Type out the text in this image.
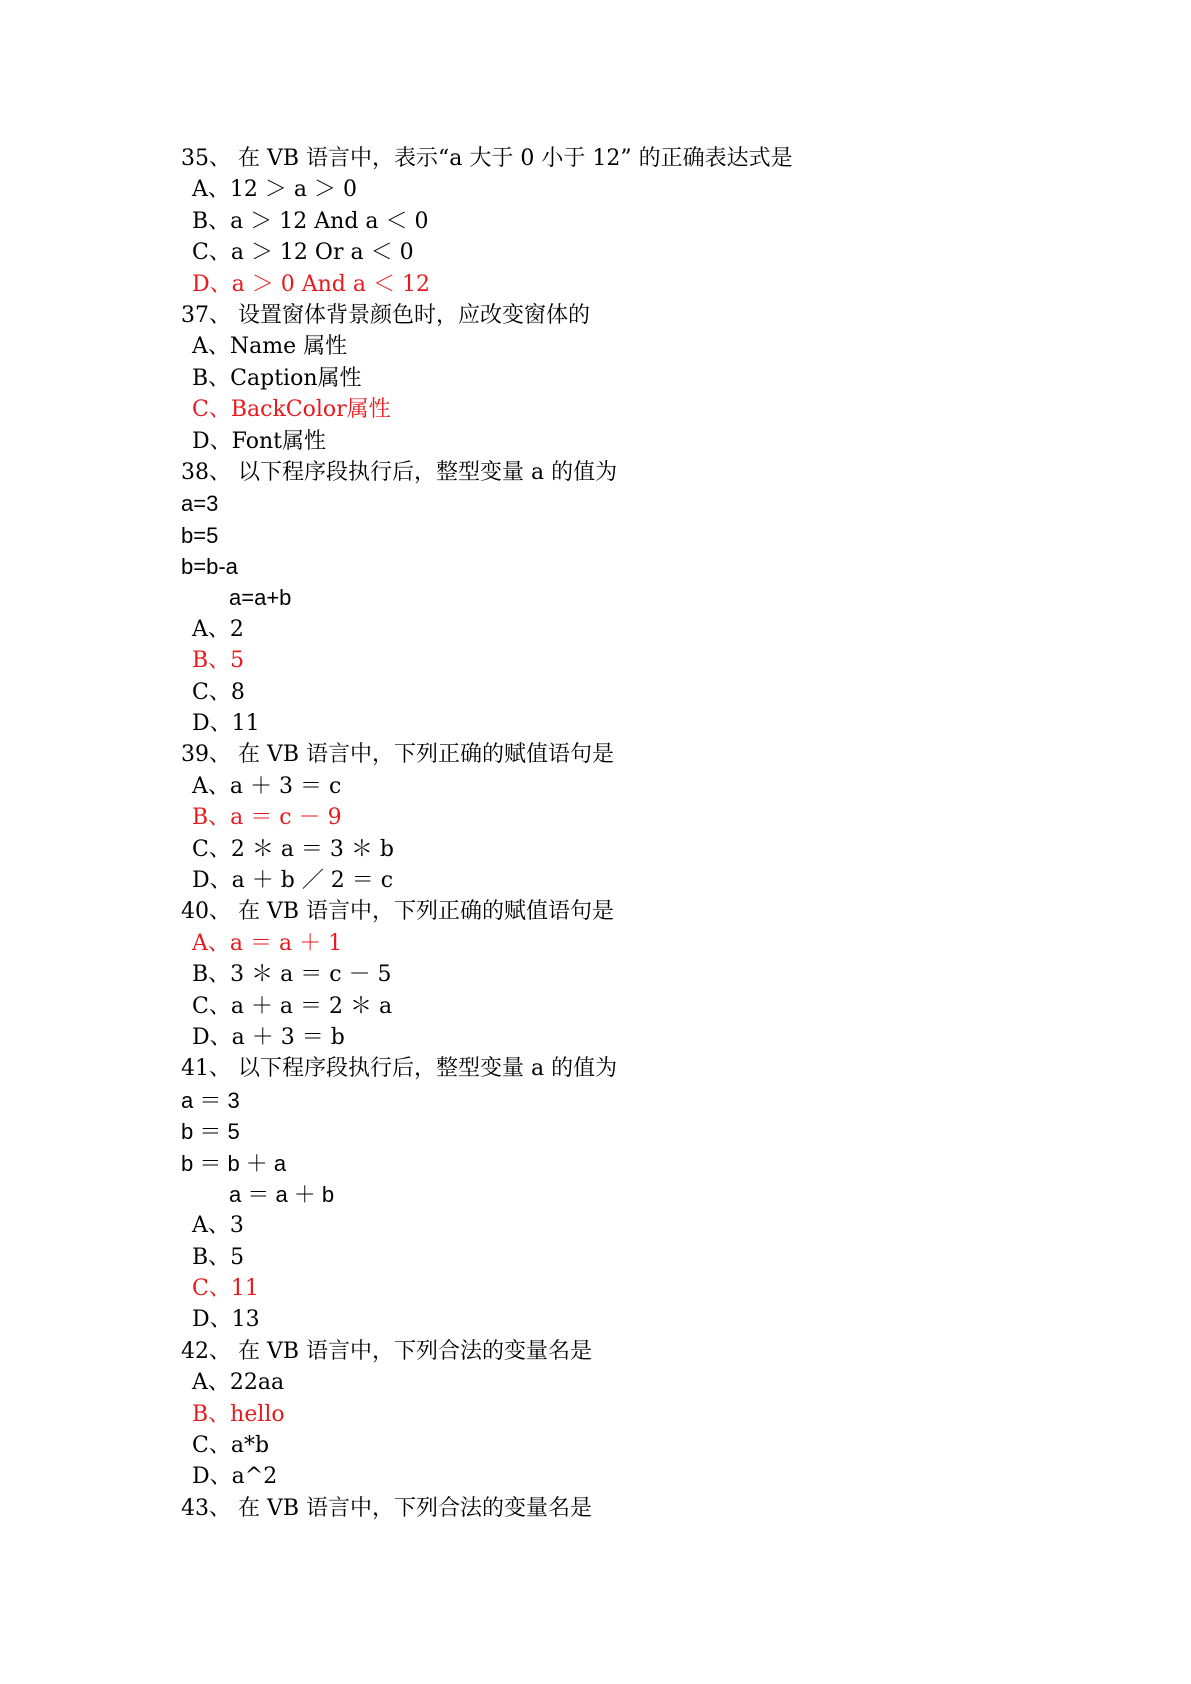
35、 在 VB 语言中，表示“a 大于 0 小于 12” 的正确表达式是
A、12 ＞ a ＞ 0
B、a ＞ 12 And a ＜ 0
C、a ＞ 12 Or a ＜ 0
D、a ＞ 0 And a ＜ 12
37、 设置窗体背景颜色时，应改变窗体的
A、Name 属性
B、Caption属性
C、BackColor属性
D、Font属性
38、 以下程序段执行后，整型变量 a 的值为
a=3
b=5
b=b-a
a=a+b
A、2
B、5
C、8
D、11
39、 在 VB 语言中，下列正确的赋值语句是
A、a ＋ 3 ＝ c
B、a ＝ c － 9
C、2 ＊ a ＝ 3 ＊ b
D、a ＋ b ／ 2 ＝ c
40、 在 VB 语言中，下列正确的赋值语句是
A、a ＝ a ＋ 1
B、3 ＊ a ＝ c － 5
C、a ＋ a ＝ 2 ＊ a
D、a ＋ 3 ＝ b
41、 以下程序段执行后，整型变量 a 的值为
a ＝ 3
b ＝ 5
b ＝ b ＋ a
a ＝ a ＋ b
A、3
B、5
C、11
D、13
42、 在 VB 语言中，下列合法的变量名是
A、22aa
B、hello
C、a*b
D、a^2
43、 在 VB 语言中，下列合法的变量名是
